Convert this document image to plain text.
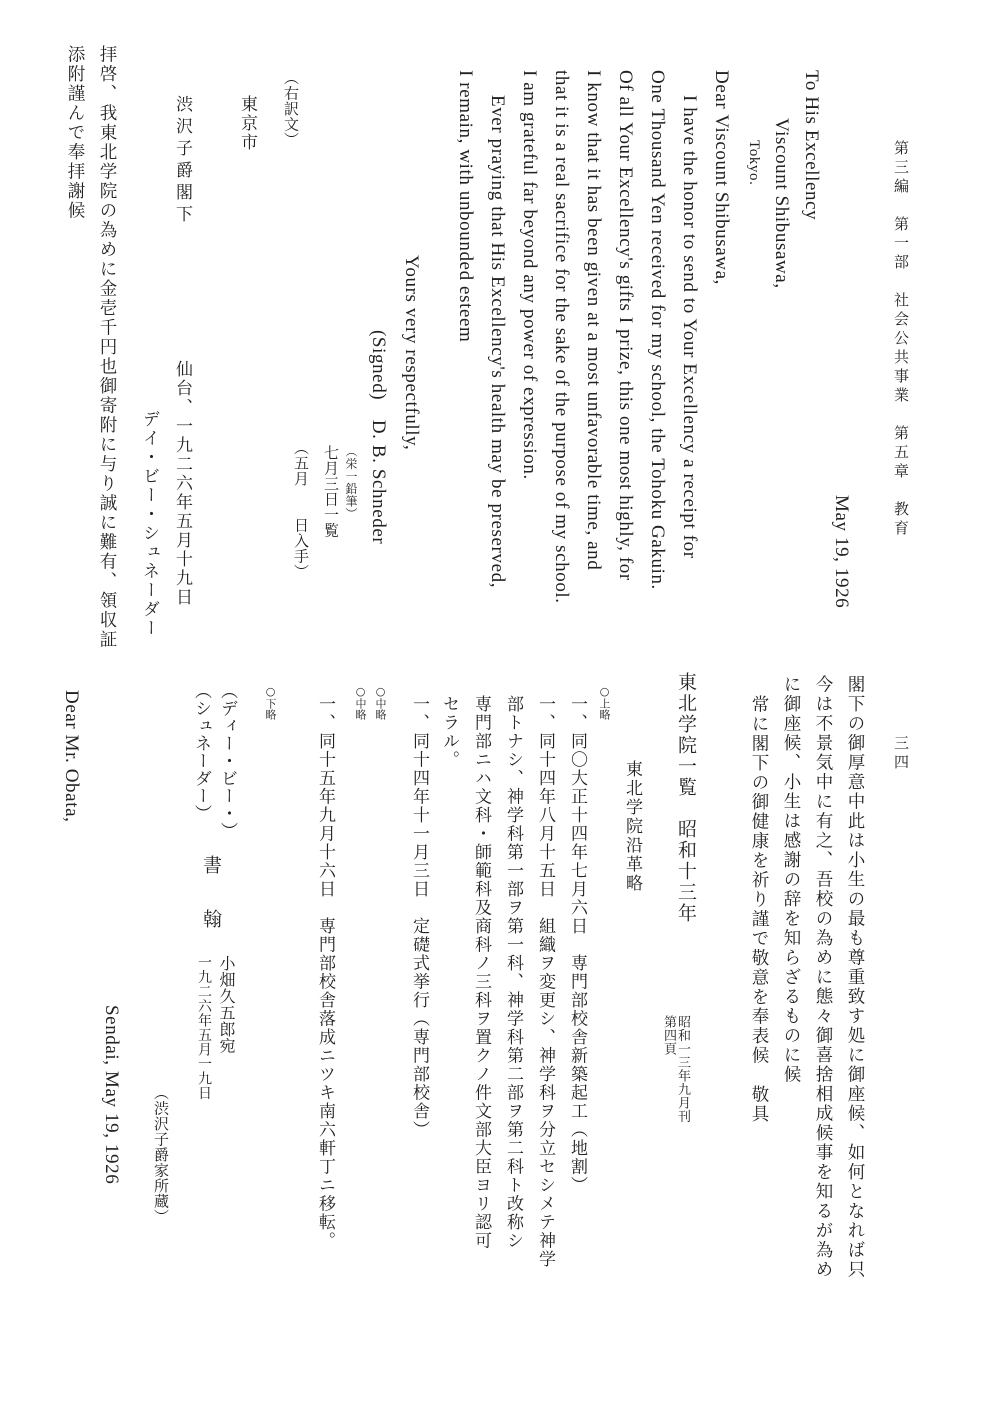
第三編　第一部　社会公共事業　第五章　教育
May 19, 1926
To His Excellency
Viscount Shibusawa,
Tokyo.
Dear Viscount Shibusawa,
I have the honor to send to Your Excellency a receipt for
One Thousand Yen received for my school, the Tohoku Gakuin.
Of all Your Excellency's gifts I prize, this one most highly, for
I know that it has been given at a most unfavorable time, and
that it is a real sacrifice for the sake of the purpose of my school.
I am grateful far beyond any power of expression.
Ever praying that His Excellency's health may be preserved,
I remain, with unbounded esteem
Yours very respectfully,
(Signed)　D. B. Schneder
（栄一鉛筆）
七月三日一覧
（五月　　日入手）
（右訳文）
東京市
渋沢子爵閣下
仙台、一九二六年五月十九日
デイ・ビー・シュネーダー
拝啓、我東北学院の為めに金壱千円也御寄附に与り誠に難有、領収証
添附謹んで奉拝謝候
三四
閣下の御厚意中此は小生の最も尊重致す処に御座候、如何となれば只
今は不景気中に有之、吾校の為めに態々御喜捨相成候事を知るが為め
に御座候、小生は感謝の辞を知らざるものに候
常に閣下の御健康を祈り謹で敬意を奉表候　敬具
東北学院一覧　昭和十三年
第四頁 昭和一三年九月刊
東北学院沿革略
○上略
一、同〇大正十四年七月六日　専門部校舎新築起工（地割）
一、同十四年八月十五日　組織ヲ変更シ、神学科ヲ分立セシメテ神学
部トナシ、神学科第一部ヲ第一科、神学科第二部ヲ第二科ト改称シ
専門部ニハ文科・師範科及商科ノ三科ヲ置クノ件文部大臣ヨリ認可
セラル。
○中略 一、同十四年十一月三日　定礎式挙行（専門部校舎）
○中略
一、同十五年九月十六日　専門部校舎落成ニツキ南六軒丁ニ移転。
○下略
（ディー・ビー・）
（シュネーダー）
書　翰
小畑久五郎宛
一九二六年五月一九日
（渋沢子爵家所蔵）
Sendai, May 19, 1926
Dear Mr. Obata,
